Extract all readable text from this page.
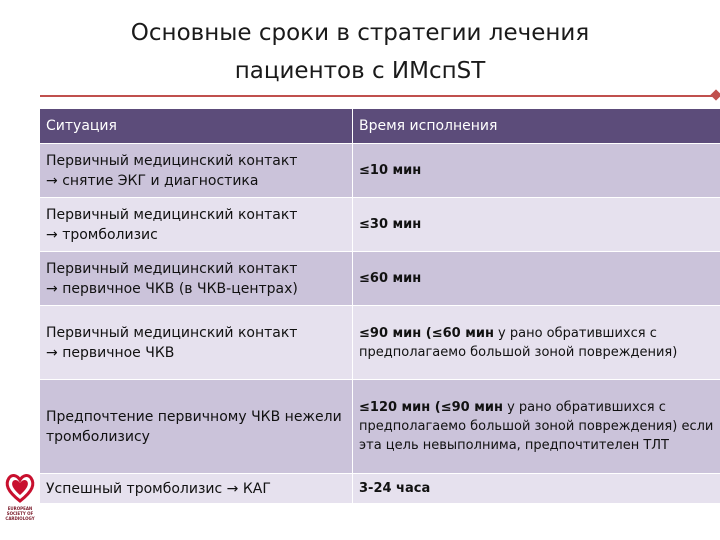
Основные сроки в стратегии лечения
пациентов с ИМспST
Ситуация	Время исполнения

Первичный медицинский контакт
→ снятие ЭКГ и диагностика	≤10 мин

Первичный медицинский контакт
→ тромболизис	≤30 мин

Первичный медицинский контакт
→ первичное ЧКВ (в ЧКВ-центрах)	≤60 мин

Первичный медицинский контакт
→ первичное ЧКВ	≤90 мин (≤60 мин у рано обратившихся с предполагаемо большой зоной повреждения)

Предпочтение первичному ЧКВ нежели тромболизису	≤120 мин (≤90 мин у рано обратившихся с предполагаемо большой зоной повреждения) если эта цель невыполнима, предпочтителен ТЛТ
Успешный тромболизис → КАГ	3-24 часа
EUROPEAN SOCIETY OF CARDIOLOGY
